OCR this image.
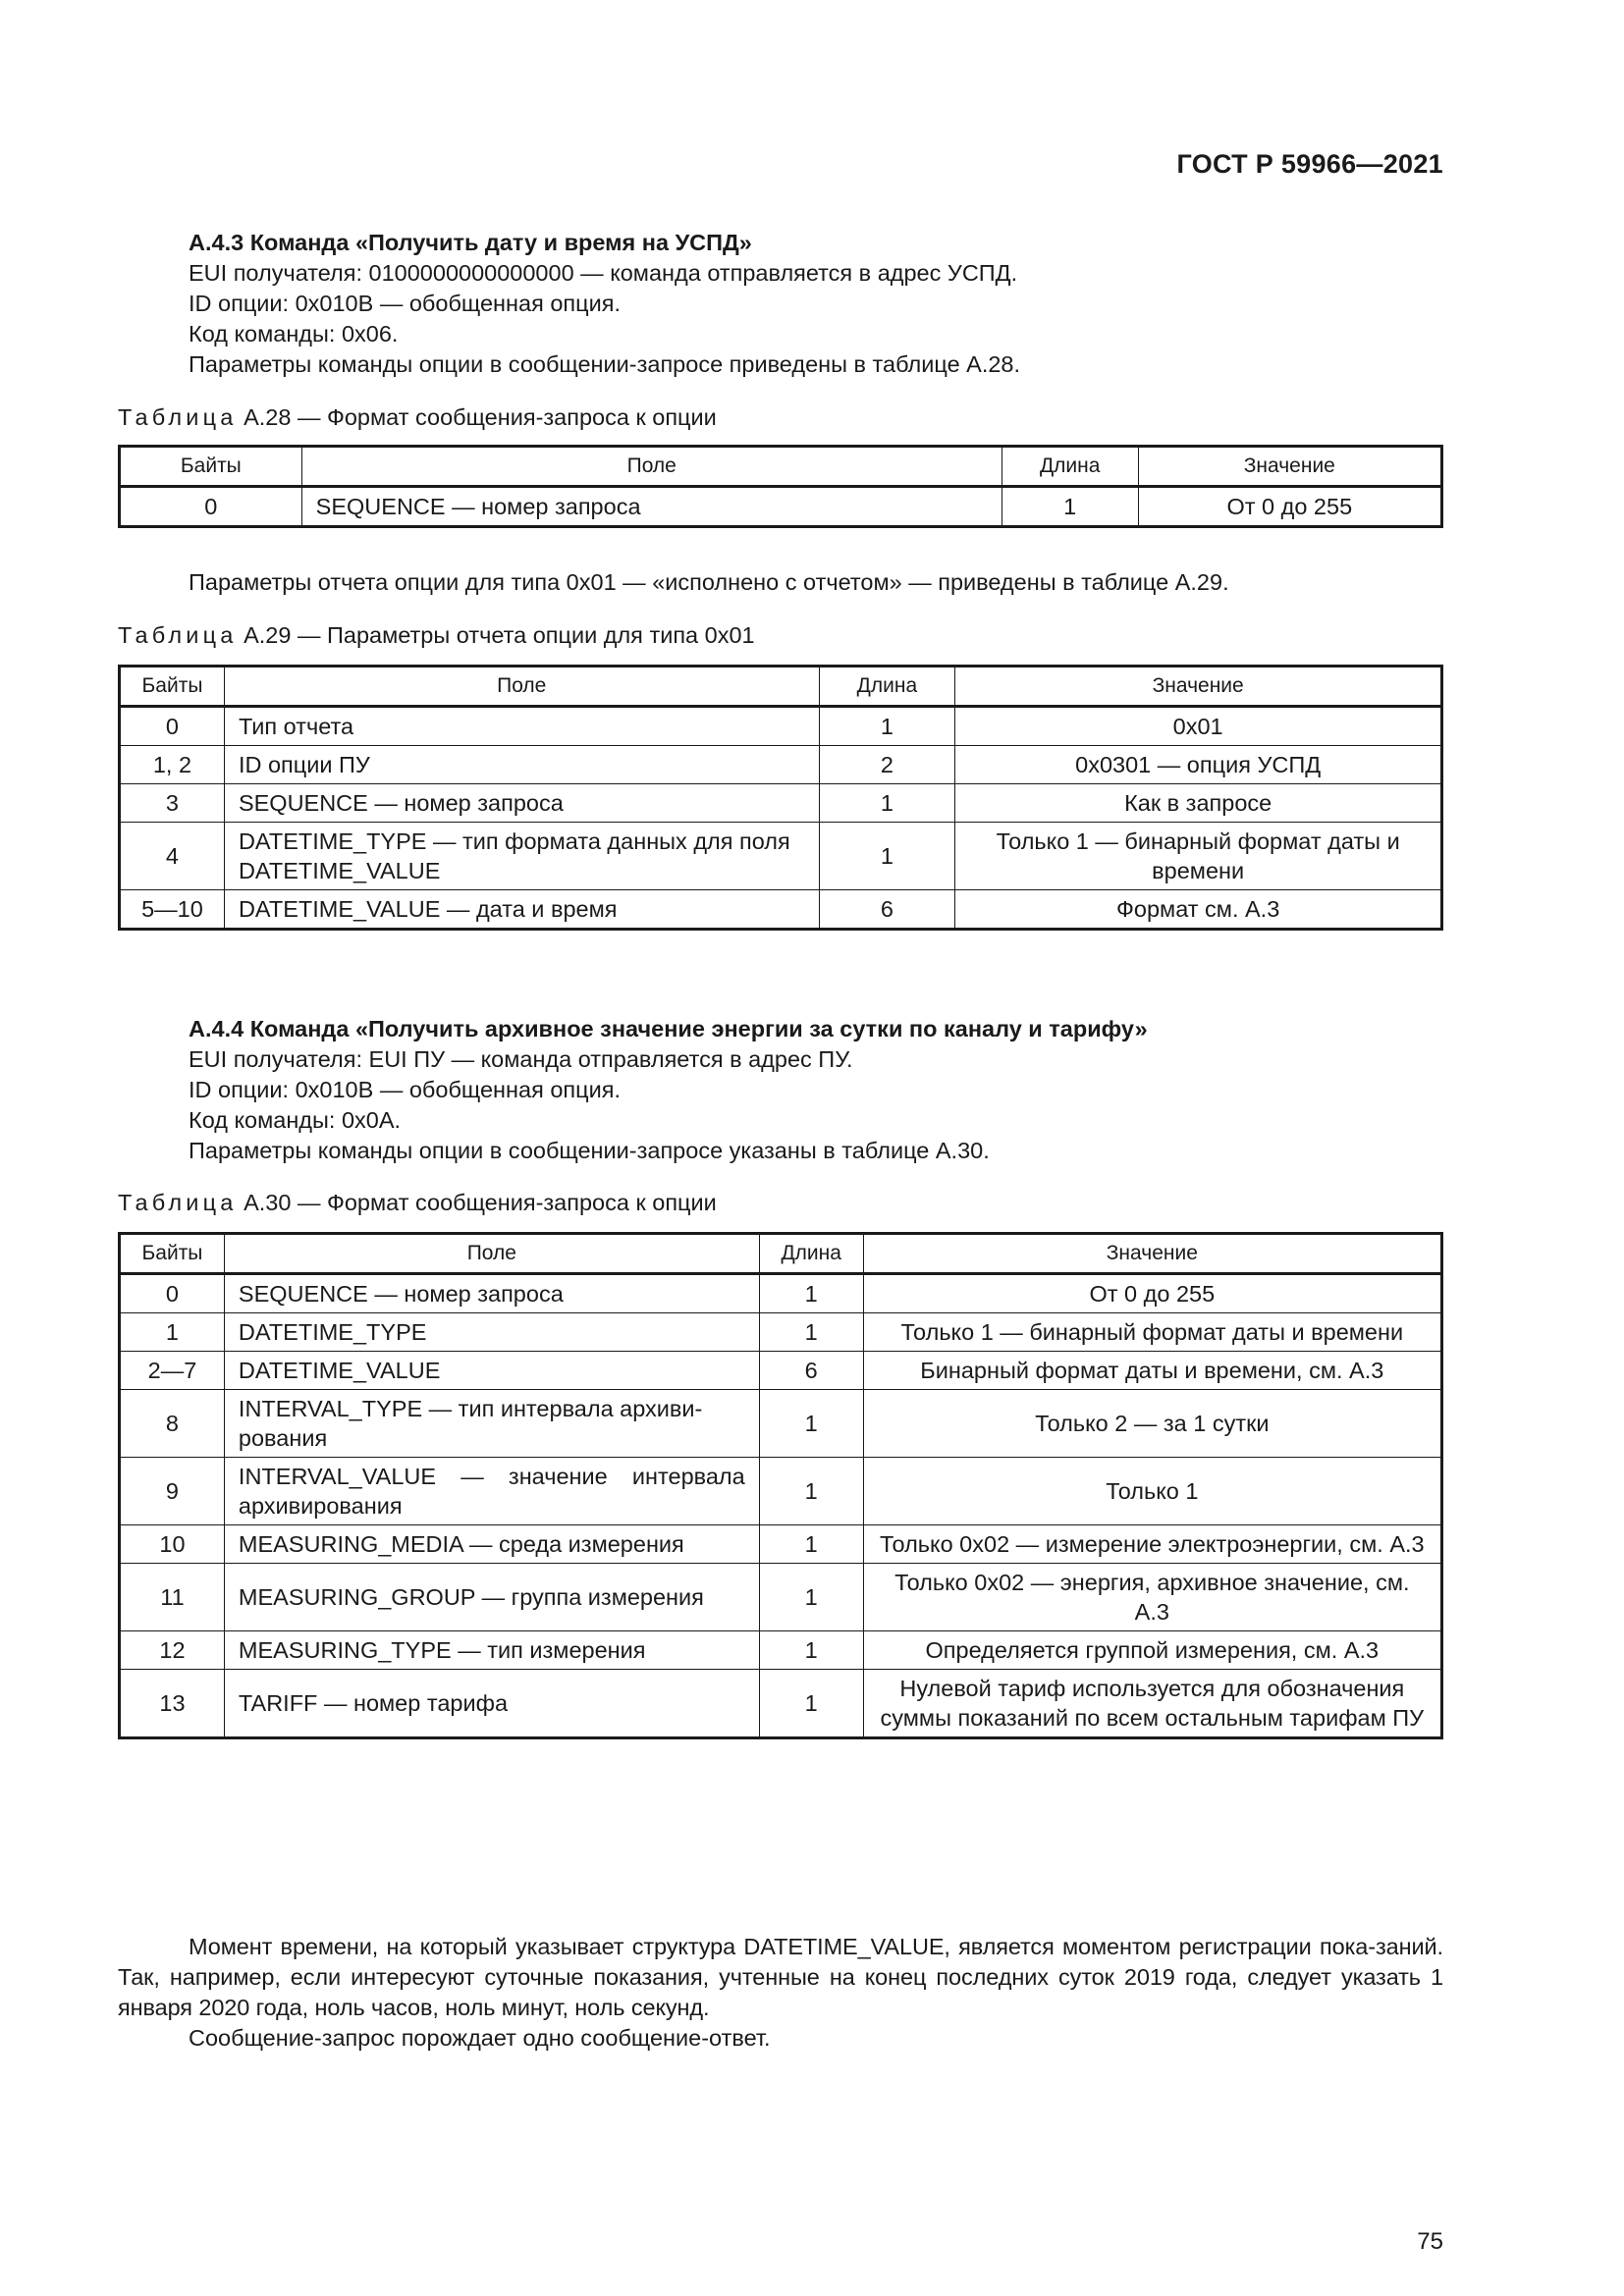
ГОСТ Р 59966—2021
А.4.3 Команда «Получить дату и время на УСПД»
EUI получателя: 0100000000000000 — команда отправляется в адрес УСПД.
ID опции: 0x010B — обобщенная опция.
Код команды: 0x06.
Параметры команды опции в сообщении-запросе приведены в таблице А.28.
Таблица А.28 — Формат сообщения-запроса к опции
Байты	Поле	Длина	Значение
0	SEQUENCE — номер запроса	1	От 0 до 255

Параметры отчета опции для типа 0x01 — «исполнено с отчетом» — приведены в таблице А.29.

Таблица А.29 — Параметры отчета опции для типа 0x01
Байты	Поле	Длина	Значение
0	Тип отчета	1	0x01
1, 2	ID опции ПУ	2	0x0301 — опция УСПД
3	SEQUENCE — номер запроса	1	Как в запросе
4	DATETIME_TYPE — тип формата данных для поля DATETIME_VALUE	1	Только 1 — бинарный формат даты и времени
5—10	DATETIME_VALUE — дата и время	6	Формат см. А.3
А.4.4 Команда «Получить архивное значение энергии за сутки по каналу и тарифу»
EUI получателя: EUI ПУ — команда отправляется в адрес ПУ.
ID опции: 0x010B — обобщенная опция.
Код команды: 0x0A.
Параметры команды опции в сообщении-запросе указаны в таблице А.30.
Таблица А.30 — Формат сообщения-запроса к опции
Байты	Поле	Длина	Значение
0	SEQUENCE — номер запроса	1	От 0 до 255
1	DATETIME_TYPE	1	Только 1 — бинарный формат даты и времени
2—7	DATETIME_VALUE	6	Бинарный формат даты и времени, см. А.3
8	INTERVAL_TYPE — тип интервала архиви-рования	1	Только 2 — за 1 сутки
9	INTERVAL_VALUE — значение интервала архивирования	1	Только 1
10	MEASURING_MEDIA — среда измерения	1	Только 0x02 — измерение электроэнергии, см. А.3
11	MEASURING_GROUP — группа измерения	1	Только 0x02 — энергия, архивное значение, см. А.3
12	MEASURING_TYPE — тип измерения	1	Определяется группой измерения, см. А.3
13	TARIFF — номер тарифа	1	Нулевой тариф используется для обозначения суммы показаний по всем остальным тарифам ПУ

Момент времени, на который указывает структура DATETIME_VALUE, является моментом регистрации пока-заний. Так, например, если интересуют суточные показания, учтенные на конец последних суток 2019 года, следует указать 1 января 2020 года, ноль часов, ноль минут, ноль секунд.

Сообщение-запрос порождает одно сообщение-ответ.

75
